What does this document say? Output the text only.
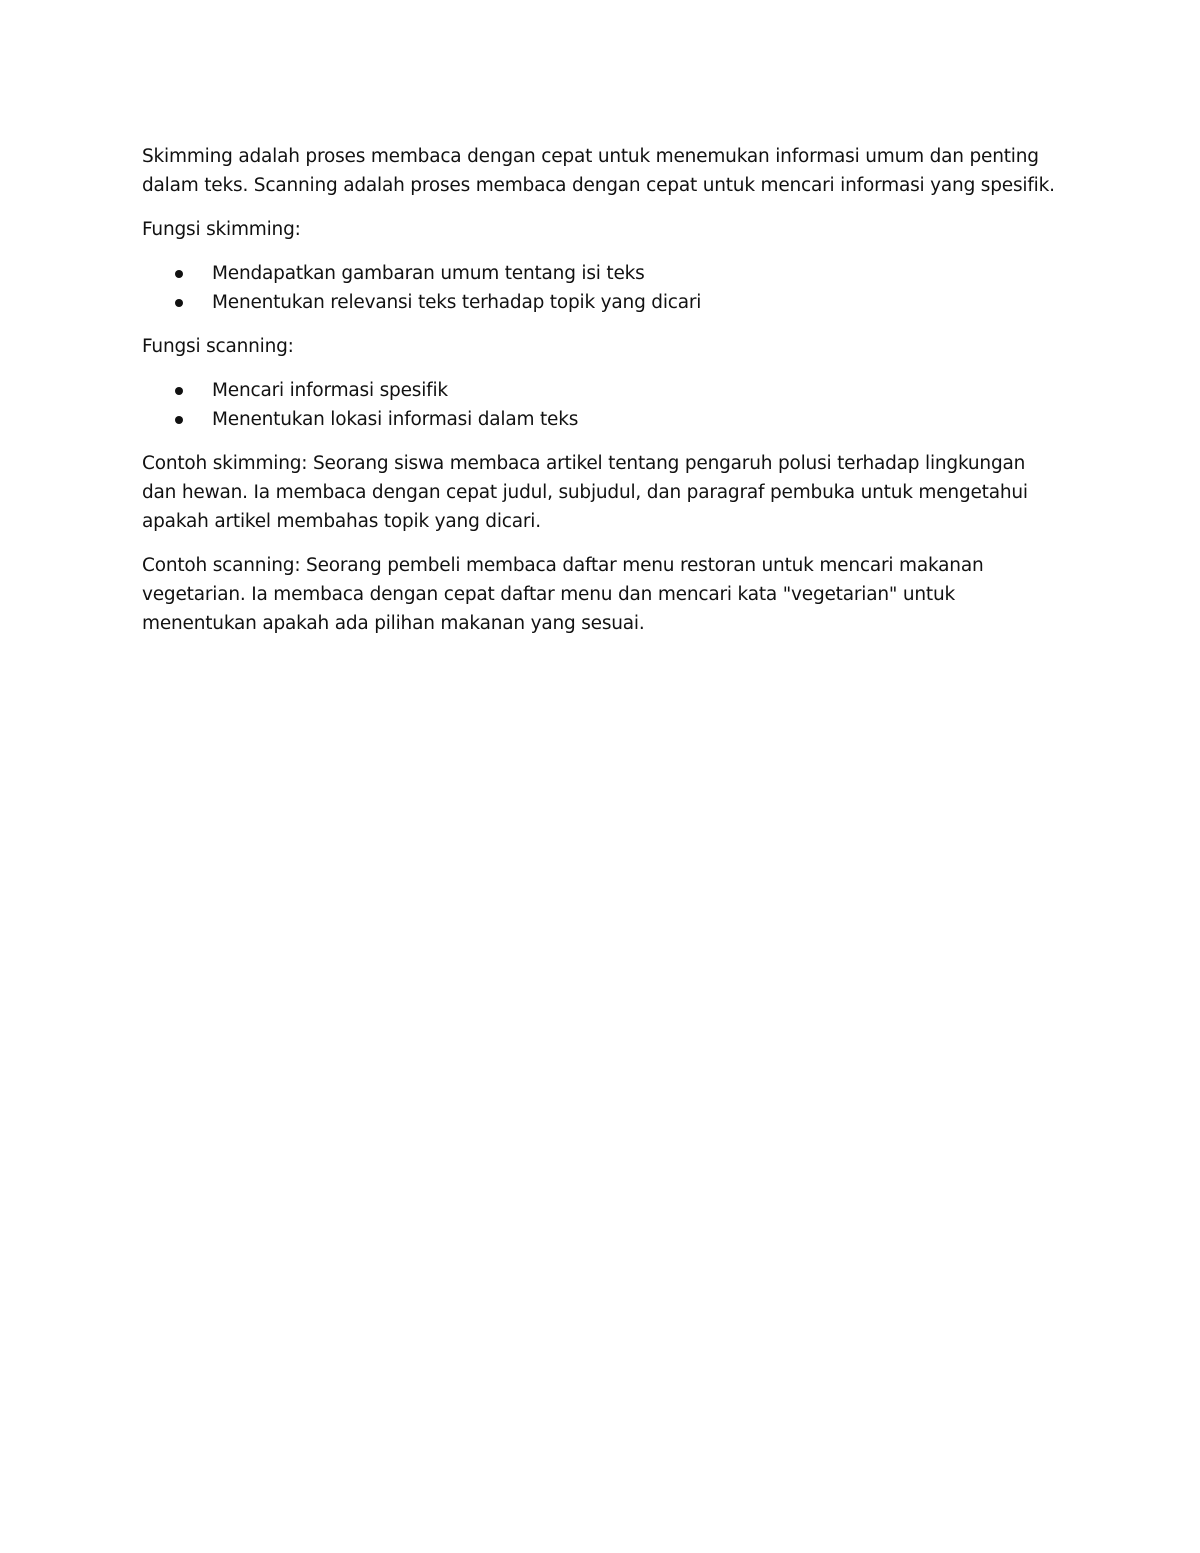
Skimming adalah proses membaca dengan cepat untuk menemukan informasi umum dan penting dalam teks. Scanning adalah proses membaca dengan cepat untuk mencari informasi yang spesifik.

Fungsi skimming:

Mendapatkan gambaran umum tentang isi teks
Menentukan relevansi teks terhadap topik yang dicari

Fungsi scanning:

Mencari informasi spesifik
Menentukan lokasi informasi dalam teks

Contoh skimming: Seorang siswa membaca artikel tentang pengaruh polusi terhadap lingkungan dan hewan. Ia membaca dengan cepat judul, subjudul, dan paragraf pembuka untuk mengetahui apakah artikel membahas topik yang dicari.

Contoh scanning: Seorang pembeli membaca daftar menu restoran untuk mencari makanan vegetarian. Ia membaca dengan cepat daftar menu dan mencari kata "vegetarian" untuk menentukan apakah ada pilihan makanan yang sesuai.
